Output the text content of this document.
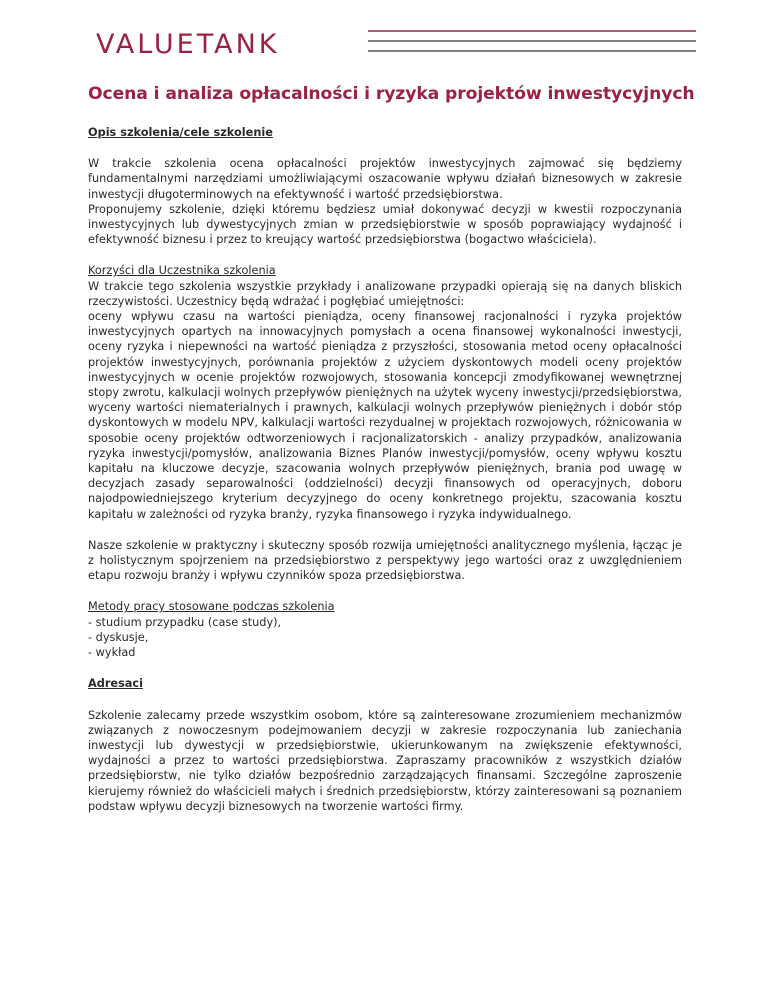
VALUETANK
Ocena i analiza opłacalności i ryzyka projektów inwestycyjnych

Opis szkolenia/cele szkolenie

W trakcie szkolenia ocena opłacalności projektów inwestycyjnych zajmować się będziemy fundamentalnymi narzędziami umożliwiającymi oszacowanie wpływu działań biznesowych w zakresie inwestycji długoterminowych na efektywność i wartość przedsiębiorstwa.

Proponujemy szkolenie, dzięki któremu będziesz umiał dokonywać decyzji w kwestii rozpoczynania inwestycyjnych lub dywestycyjnych zmian w przedsiębiorstwie w sposób poprawiający wydajność i efektywność biznesu i przez to kreujący wartość przedsiębiorstwa (bogactwo właściciela).

Korzyści dla Uczestnika szkolenia

W trakcie tego szkolenia wszystkie przykłady i analizowane przypadki opierają się na danych bliskich rzeczywistości. Uczestnicy będą wdrażać i pogłębiać umiejętności:

oceny wpływu czasu na wartości pieniądza, oceny finansowej racjonalności i ryzyka projektów inwestycyjnych opartych na innowacyjnych pomysłach a ocena finansowej wykonalności inwestycji, oceny ryzyka i niepewności na wartość pieniądza z przyszłości, stosowania metod oceny opłacalności projektów inwestycyjnych, porównania projektów z użyciem dyskontowych modeli oceny projektów inwestycyjnych w ocenie projektów rozwojowych, stosowania koncepcji zmodyfikowanej wewnętrznej stopy zwrotu, kalkulacji wolnych przepływów pieniężnych na użytek wyceny inwestycji/przedsiębiorstwa, wyceny wartości niematerialnych i prawnych, kalkulacji wolnych przepływów pieniężnych i dobór stóp dyskontowych w modelu NPV, kalkulacji wartości rezydualnej w projektach rozwojowych, różnicowania w sposobie oceny projektów odtworzeniowych i racjonalizatorskich - analizy przypadków, analizowania ryzyka inwestycji/pomysłów, analizowania Biznes Planów inwestycji/pomysłów, oceny wpływu kosztu kapitału na kluczowe decyzje, szacowania wolnych przepływów pieniężnych, brania pod uwagę w decyzjach zasady separowalności (oddzielności) decyzji finansowych od operacyjnych, doboru najodpowiedniejszego kryterium decyzyjnego do oceny konkretnego projektu, szacowania kosztu kapitału w zależności od ryzyka branży, ryzyka finansowego i ryzyka indywidualnego.

Nasze szkolenie w praktyczny i skuteczny sposób rozwija umiejętności analitycznego myślenia, łącząc je z holistycznym spojrzeniem na przedsiębiorstwo z perspektywy jego wartości oraz z uwzględnieniem etapu rozwoju branży i wpływu czynników spoza przedsiębiorstwa.

Metody pracy stosowane podczas szkolenia

- studium przypadku (case study),

- dyskusje,

- wykład

Adresaci

Szkolenie zalecamy przede wszystkim osobom, które są zainteresowane zrozumieniem mechanizmów związanych z nowoczesnym podejmowaniem decyzji w zakresie rozpoczynania lub zaniechania inwestycji lub dywestycji w przedsiębiorstwie, ukierunkowanym na zwiększenie efektywności, wydajności a przez to wartości przedsiębiorstwa. Zapraszamy pracowników z wszystkich działów przedsiębiorstw, nie tylko działów bezpośrednio zarządzających finansami. Szczególne zaproszenie kierujemy również do właścicieli małych i średnich przedsiębiorstw, którzy zainteresowani są poznaniem podstaw wpływu decyzji biznesowych na tworzenie wartości firmy.
